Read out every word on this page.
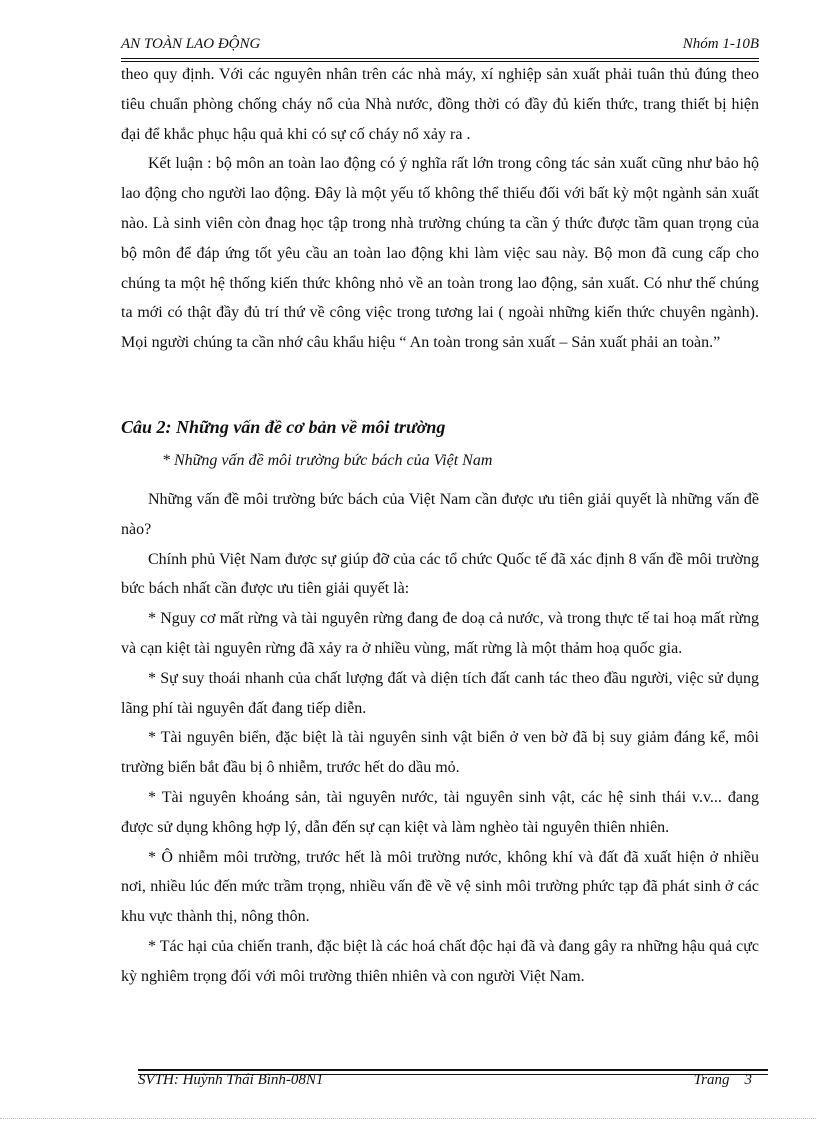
AN TOÀN LAO ĐỘNG	Nhóm 1-10B

theo quy định. Với các nguyên nhân trên các nhà máy, xí nghiệp sản xuất phải tuân thủ đúng theo tiêu chuẩn phòng chống cháy nổ của Nhà nước, đồng thời có đầy đủ kiến thức, trang thiết bị hiện đại để khắc phục hậu quả khi có sự cố cháy nổ xảy ra .

Kết luận : bộ môn an toàn lao động có ý nghĩa rất lớn trong công tác sản xuất cũng như bảo hộ lao động cho người lao động. Đây là một yếu tố không thể thiếu đối với bất kỳ một ngành sản xuất nào. Là sinh viên còn đnag học tập trong nhà trường chúng ta cần ý thức được tầm quan trọng của bộ môn để đáp ứng tốt yêu cầu an toàn lao động khi làm việc sau này. Bộ mon đã cung cấp cho chúng ta một hệ thống kiến thức không nhỏ về an toàn trong lao động, sản xuất. Có như thế chúng ta mới có thật đầy đủ trí thứ về công việc trong tương lai ( ngoài những kiến thức chuyên ngành). Mọi người chúng ta cần nhớ câu khẩu hiệu “ An toàn trong sản xuất – Sản xuất phải an toàn.”

Câu 2: Những vấn đề cơ bản về môi trường

* Những vấn đề môi trường bức bách của Việt Nam

Những vấn đề môi trường bức bách của Việt Nam cần được ưu tiên giải quyết là những vấn đề nào?

Chính phủ Việt Nam được sự giúp đỡ của các tổ chức Quốc tế đã xác định 8 vấn đề môi trường bức bách nhất cần được ưu tiên giải quyết là:

* Nguy cơ mất rừng và tài nguyên rừng đang đe doạ cả nước, và trong thực tế tai hoạ mất rừng và cạn kiệt tài nguyên rừng đã xảy ra ở nhiều vùng, mất rừng là một thảm hoạ quốc gia.

* Sự suy thoái nhanh của chất lượng đất và diện tích đất canh tác theo đầu người, việc sử dụng lãng phí tài nguyên đất đang tiếp diễn.

* Tài nguyên biển, đặc biệt là tài nguyên sinh vật biển ở ven bờ đã bị suy giảm đáng kể, môi trường biển bắt đầu bị ô nhiễm, trước hết do dầu mỏ.

* Tài nguyên khoáng sản, tài nguyên nước, tài nguyên sinh vật, các hệ sinh thái v.v... đang được sử dụng không hợp lý, dẫn đến sự cạn kiệt và làm nghèo tài nguyên thiên nhiên.

* Ô nhiễm môi trường, trước hết là môi trường nước, không khí và đất đã xuất hiện ở nhiều nơi, nhiều lúc đến mức trầm trọng, nhiều vấn đề về vệ sinh môi trường phức tạp đã phát sinh ở các khu vực thành thị, nông thôn.

* Tác hại của chiến tranh, đặc biệt là các hoá chất độc hại đã và đang gây ra những hậu quả cực kỳ nghiêm trọng đối với môi trường thiên nhiên và con người Việt Nam.

SVTH: Huỳnh Thái Bình-08N1	Trang    3
